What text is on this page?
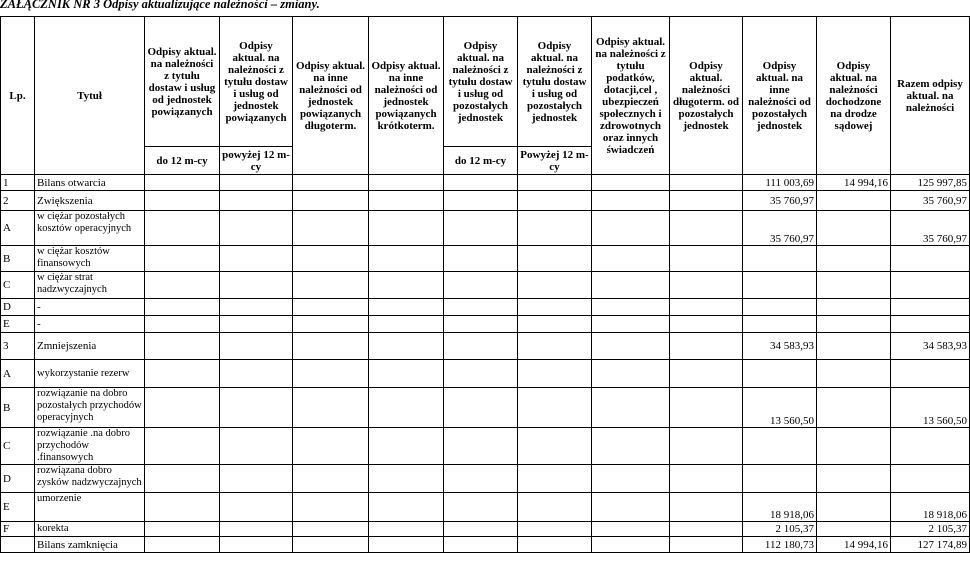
ZAŁĄCZNIK NR 3 Odpisy aktualizujące należności – zmiany.
Lp.	Tytuł	Odpisy aktual. na należności z tytułu dostaw i usług od jednostek powiązanych	Odpisy aktual. na należności z tytułu dostaw i usług od jednostek powiązanych	Odpisy aktual. na inne należności od jednostek powiązanych długoterm.	Odpisy aktual. na inne należności od jednostek powiązanych krótkoterm.	Odpisy aktual. na należności z tytułu dostaw i usług od pozostałych jednostek	Odpisy aktual. na należności z tytułu dostaw i usług od pozostałych jednostek	Odpisy aktual. na należności z tytułu podatków, dotacji,cel , ubezpieczeń społecznych i zdrowotnych oraz innych świadczeń	Odpisy aktual. należności długoterm. od pozostałych jednostek	Odpisy aktual. na inne należności od pozostałych jednostek	Odpisy aktual. na należności dochodzone na drodze sądowej	Razem odpisy aktual. na należności
		do 12 m-cy	powyżej 12 m-cy			do 12 m-cy	Powyżej 12 m-cy					
1	Bilans otwarcia									111 003,69	14 994,16	125 997,85
2	Zwiększenia									35 760,97		35 760,97
A	w ciężar pozostałych kosztów operacyjnych									35 760,97		35 760,97
B	w ciężar kosztów finansowych											
C	w ciężar strat nadzwyczajnych											
D	-											
E	-											
3	Zmniejszenia									34 583,93		34 583,93
A	wykorzystanie rezerw											
B	rozwiązanie na dobro pozostałych przychodów operacyjnych									13 560,50		13 560,50
C	rozwiązanie .na dobro przychodów .finansowych											
D	rozwiązana dobro zysków nadzwyczajnych											
E	umorzenie									18 918,06		18 918,06
F	korekta									2 105,37		2 105,37
	Bilans zamknięcia									112 180,73	14 994,16	127 174,89
